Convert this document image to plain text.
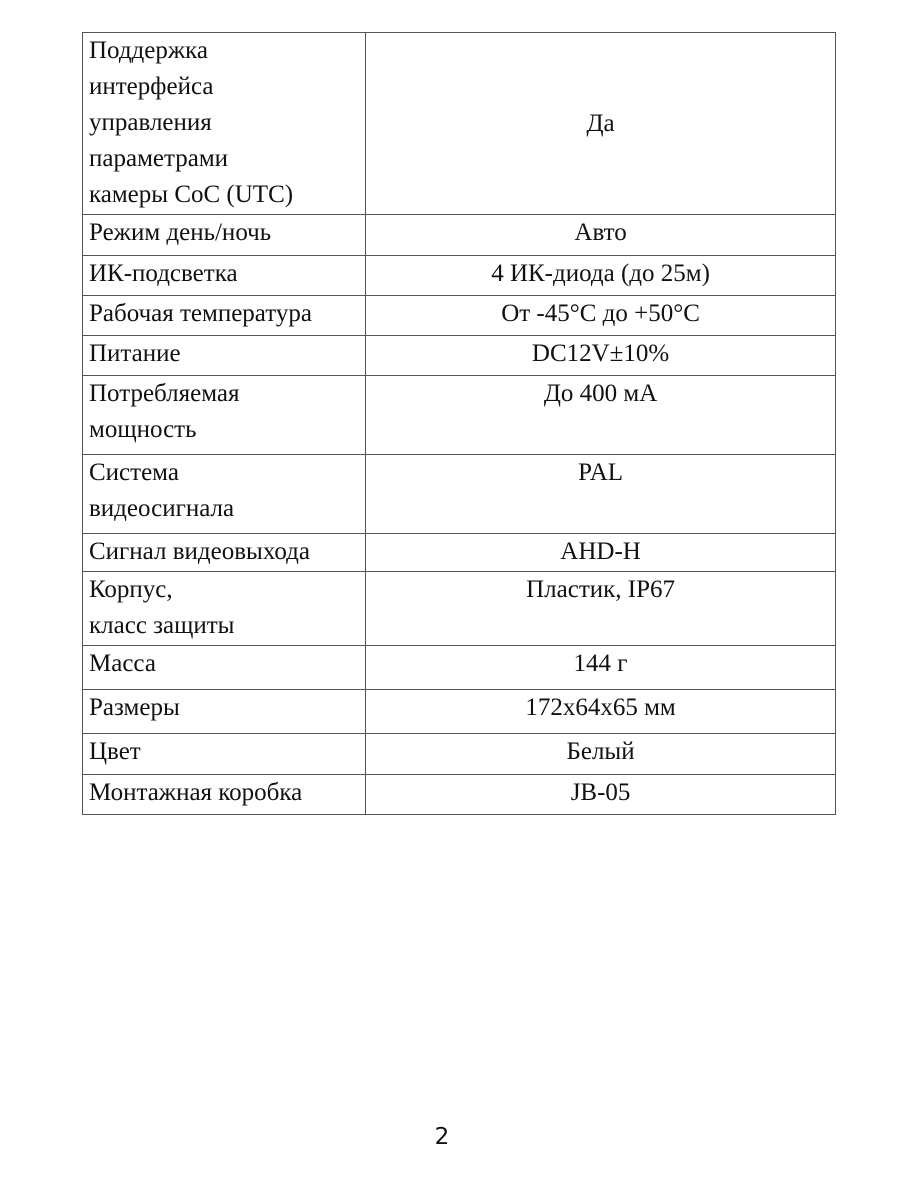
Поддержка
интерфейса
управления
параметрами
камеры CoC (UTC)	Да
Режим день/ночь	Авто
ИК-подсветка	4 ИК-диода (до 25м)
Рабочая температура	От -45°С до +50°С
Питание	DC12V±10%
Потребляемая
мощность	До 400 мА
Система
видеосигнала	PAL
Сигнал видеовыхода	AHD-H
Корпус,
класс защиты	Пластик, IP67
Масса	144 г
Размеры	172х64х65 мм
Цвет	Белый
Монтажная коробка	JB-05
2
